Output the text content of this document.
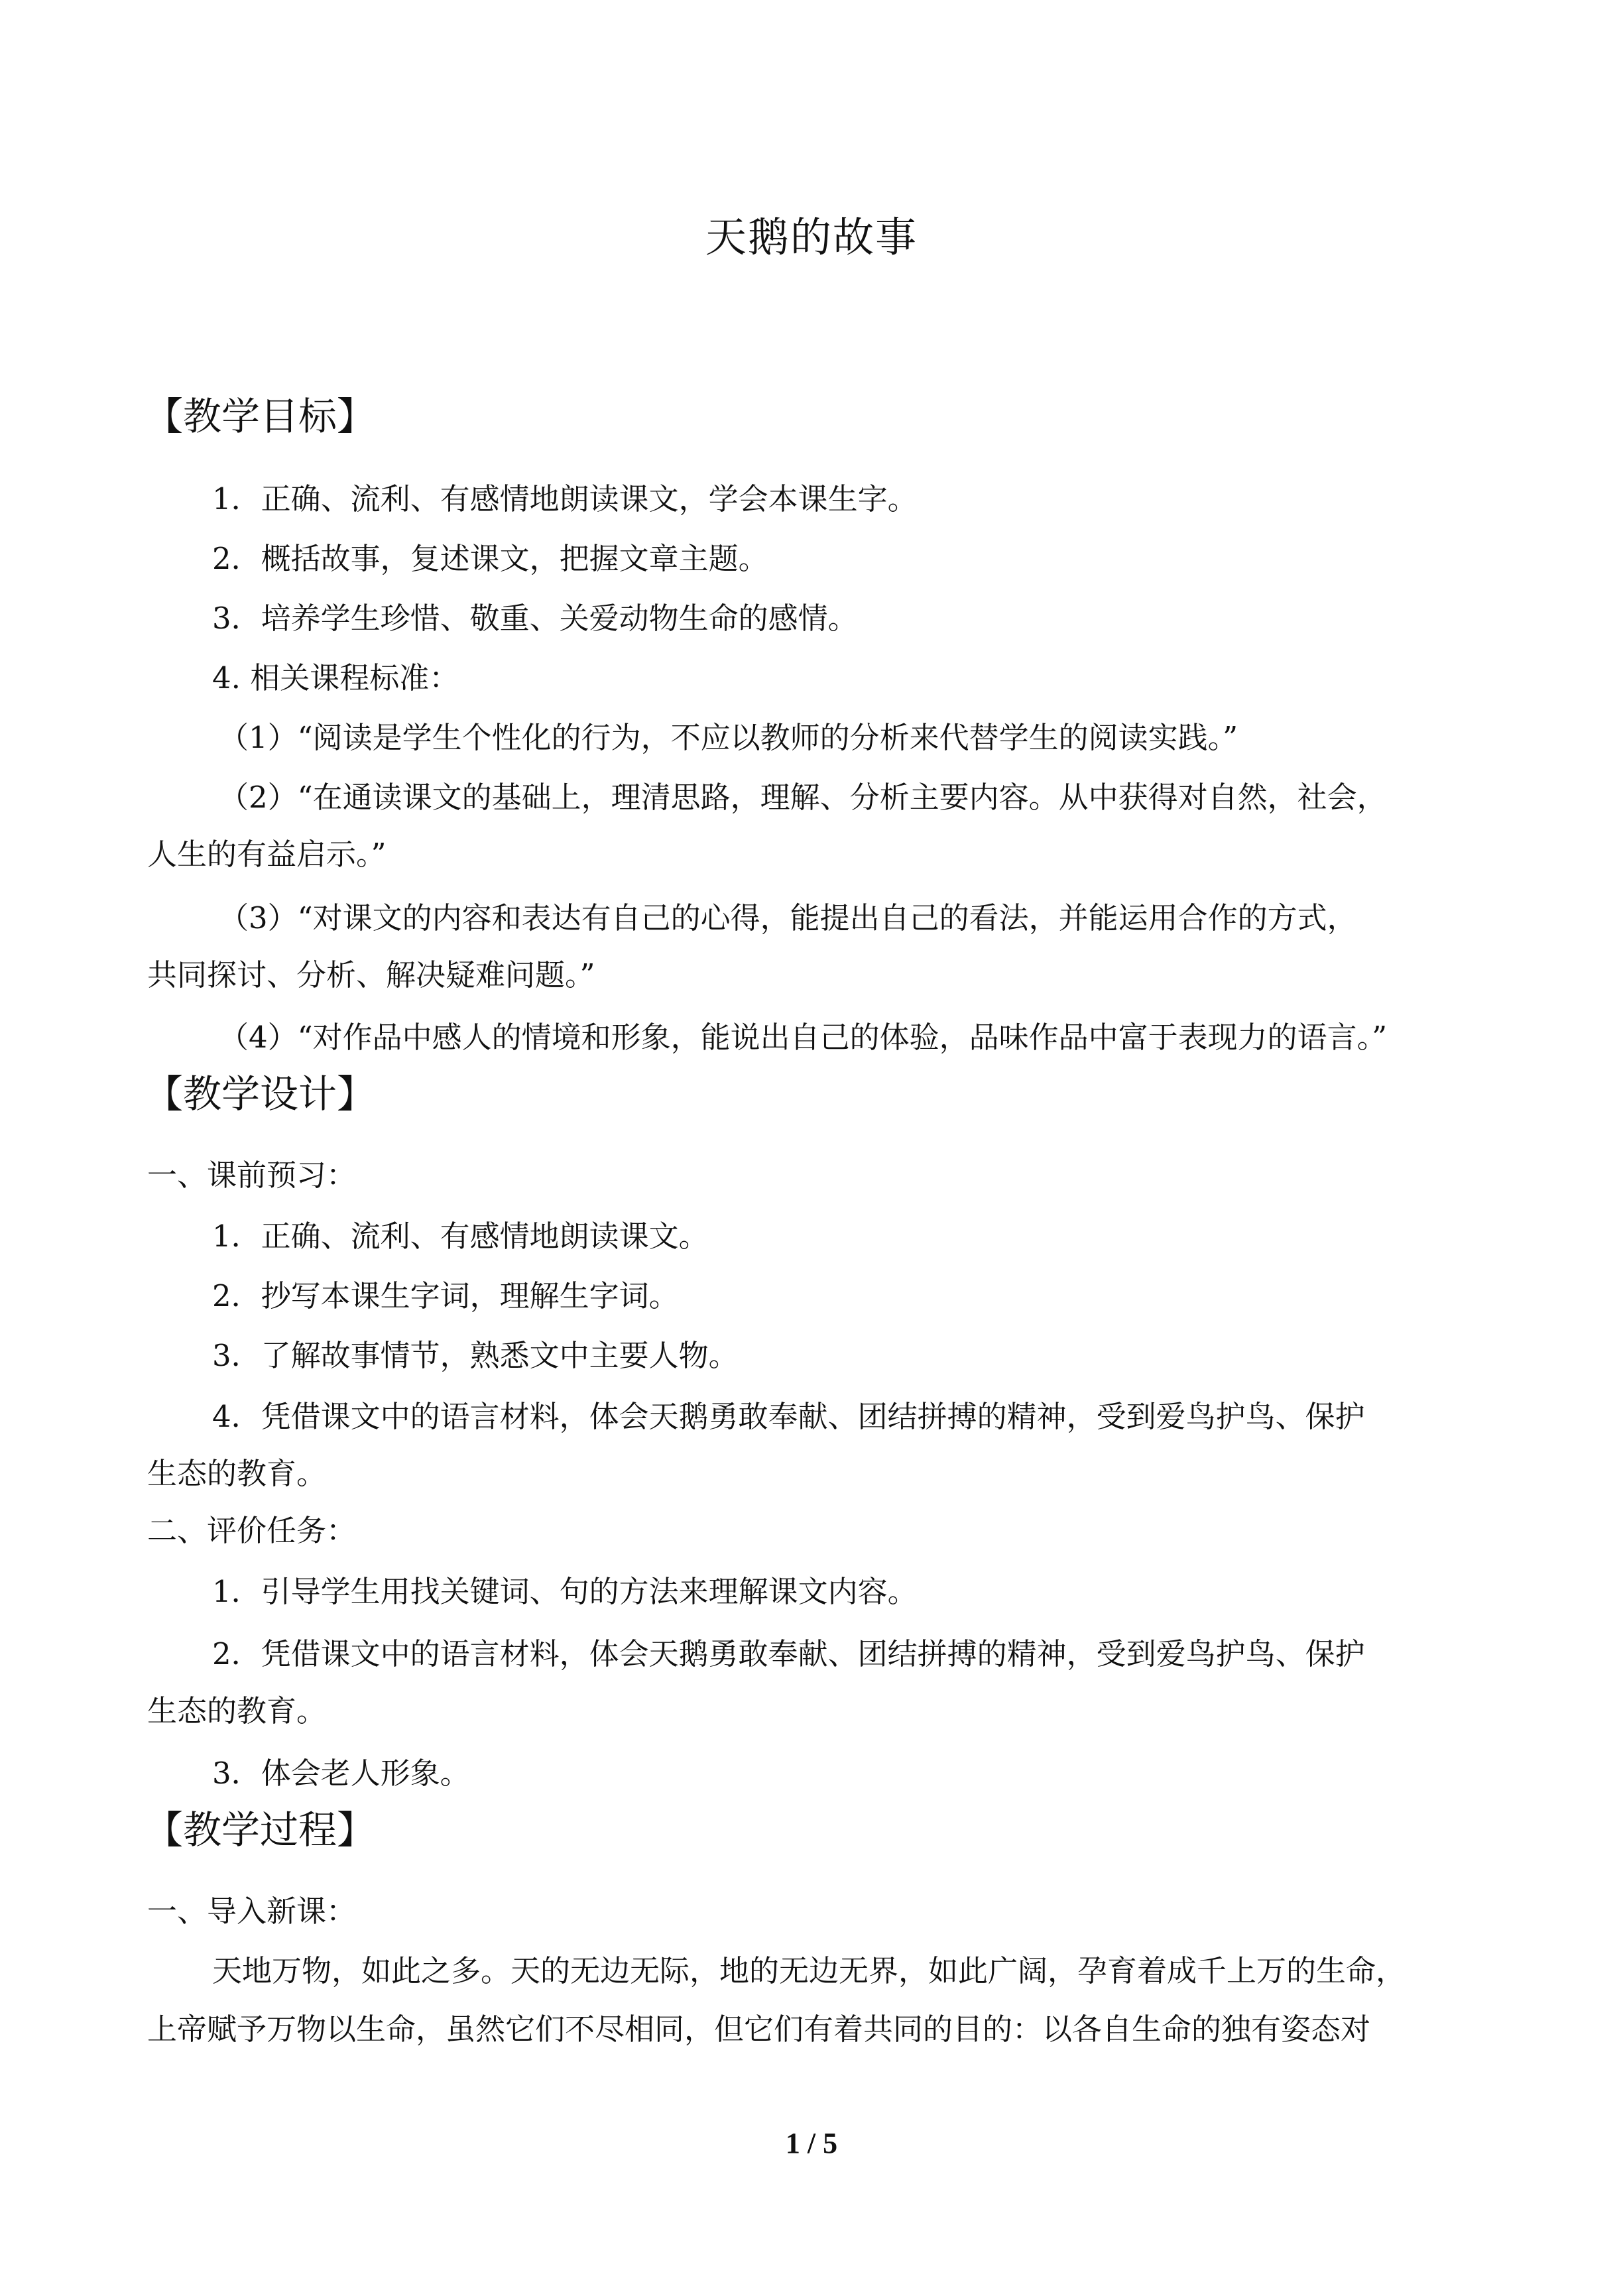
天鹅的故事
【教学目标】
1．正确、流利、有感情地朗读课文，学会本课生字。
2．概括故事，复述课文，把握文章主题。
3．培养学生珍惜、敬重、关爱动物生命的感情。
4. 相关课程标准：
（1）“阅读是学生个性化的行为，不应以教师的分析来代替学生的阅读实践。”
（2）“在通读课文的基础上，理清思路，理解、分析主要内容。从中获得对自然，社会，
人生的有益启示。”
（3）“对课文的内容和表达有自己的心得，能提出自己的看法，并能运用合作的方式，
共同探讨、分析、解决疑难问题。”
（4）“对作品中感人的情境和形象，能说出自己的体验，品味作品中富于表现力的语言。”
【教学设计】
一、课前预习：
1．正确、流利、有感情地朗读课文。
2．抄写本课生字词，理解生字词。
3．了解故事情节，熟悉文中主要人物。
4．凭借课文中的语言材料，体会天鹅勇敢奉献、团结拼搏的精神，受到爱鸟护鸟、保护
生态的教育。
二、评价任务：
1．引导学生用找关键词、句的方法来理解课文内容。
2．凭借课文中的语言材料，体会天鹅勇敢奉献、团结拼搏的精神，受到爱鸟护鸟、保护
生态的教育。
3．体会老人形象。
【教学过程】
一、导入新课：
天地万物，如此之多。天的无边无际，地的无边无界，如此广阔，孕育着成千上万的生命，
上帝赋予万物以生命，虽然它们不尽相同，但它们有着共同的目的：以各自生命的独有姿态对
1 / 5
